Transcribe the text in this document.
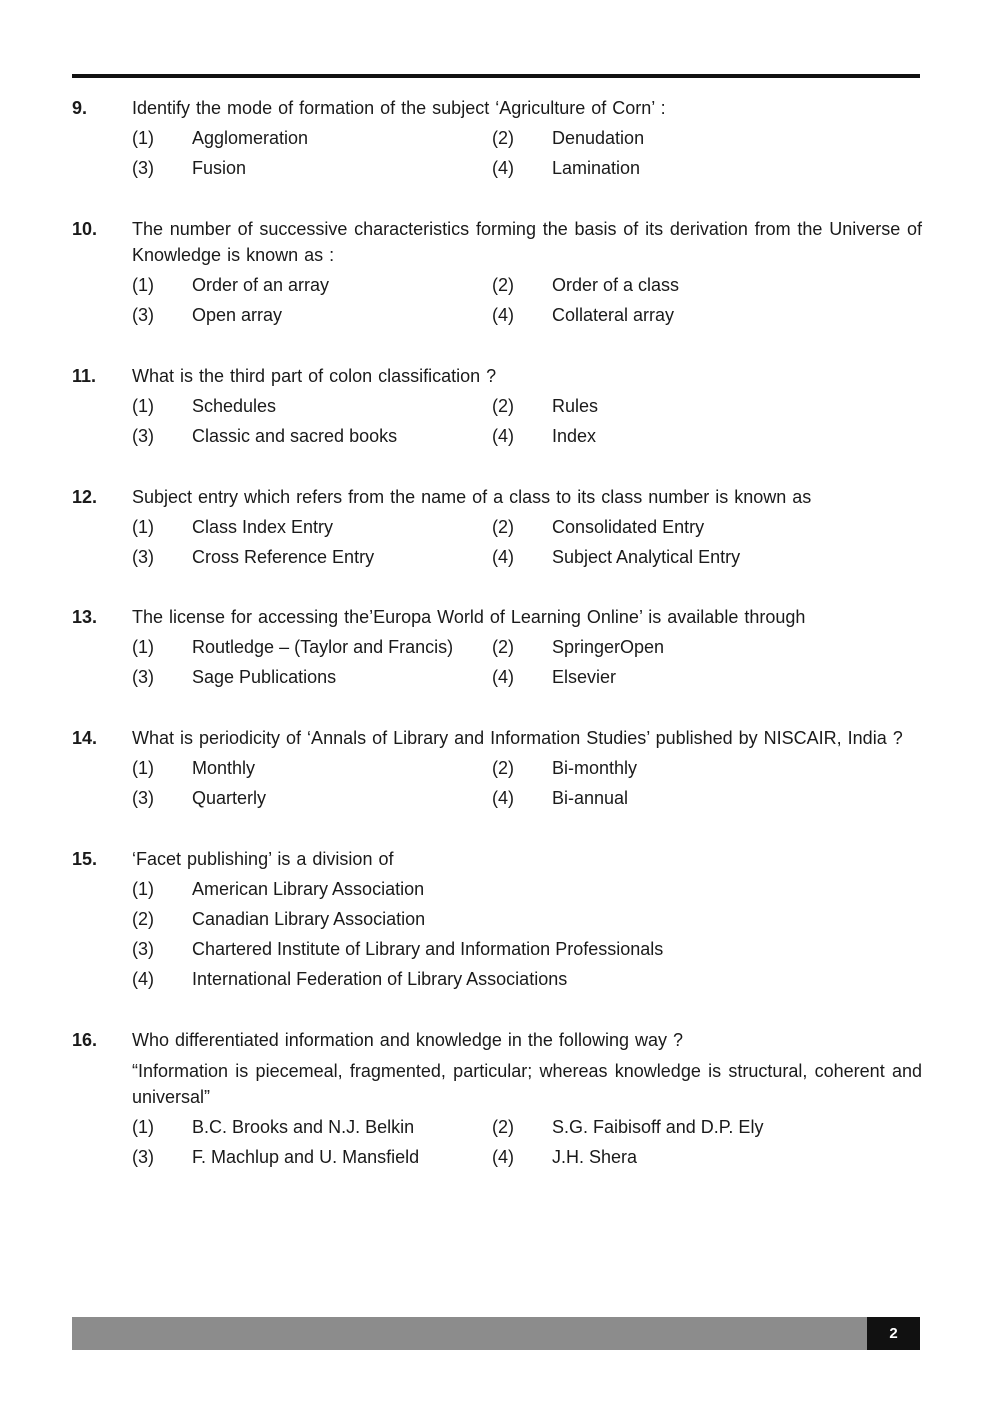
9.	Identify the mode of formation of the subject ‘Agriculture of Corn’ :
(1) Agglomeration	(2) Denudation
(3) Fusion	(4) Lamination
10.	The number of successive characteristics forming the basis of its derivation from the Universe of Knowledge is known as :
(1) Order of an array	(2) Order of a class
(3) Open array	(4) Collateral array
11.	What is the third part of colon classification ?
(1) Schedules	(2) Rules
(3) Classic and sacred books	(4) Index
12.	Subject entry which refers from the name of a class to its class number is known as
(1) Class Index Entry	(2) Consolidated Entry
(3) Cross Reference Entry	(4) Subject Analytical Entry
13.	The license for accessing the’Europa World of Learning Online’ is available through
(1) Routledge – (Taylor and Francis) (2) SpringerOpen
(3) Sage Publications	(4) Elsevier
14.	What is periodicity of ‘Annals of Library and Information Studies’ published by NISCAIR, India ?
(1) Monthly	(2) Bi-monthly
(3) Quarterly	(4) Bi-annual
15.	‘Facet publishing’ is a division of
(1) American Library Association
(2) Canadian Library Association
(3) Chartered Institute of Library and Information Professionals
(4) International Federation of Library Associations
16.	Who differentiated information and knowledge in the following way ?
“Information is piecemeal, fragmented, particular; whereas knowledge is structural, coherent and universal”
(1) B.C. Brooks and N.J. Belkin	(2) S.G. Faibisoff and D.P. Ely
(3) F. Machlup and U. Mansfield	(4) J.H. Shera
2
